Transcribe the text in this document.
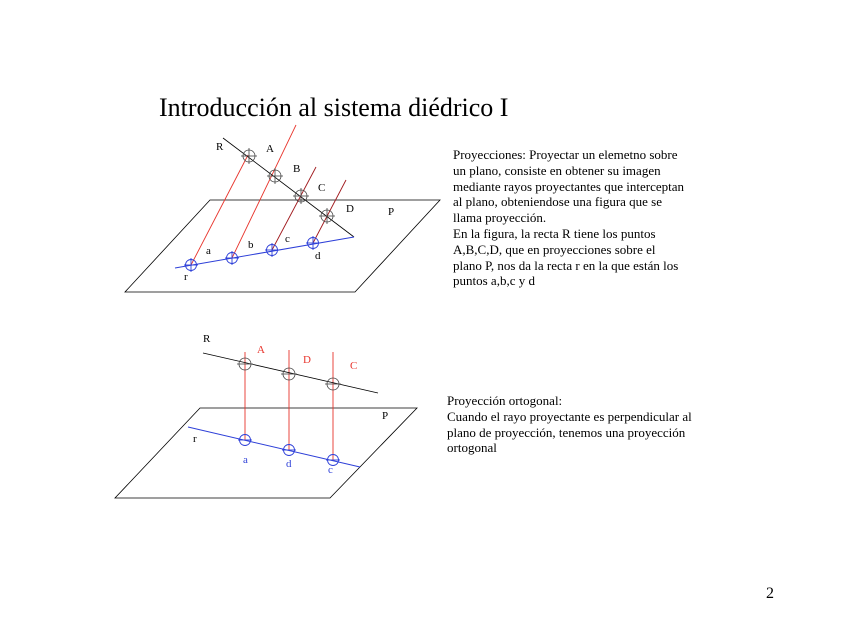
Introducción al sistema diédrico I
R	A
B
C
D	P
a	b	c
d
r
R
A
D	C
P
r
a	d	c
Proyecciones: Proyectar un elemetno sobre
un plano, consiste en obtener su imagen
mediante rayos proyectantes que interceptan
al plano, obteniendose una figura que se
llama proyección.
En la figura, la recta R tiene los puntos
A,B,C,D, que en proyecciones sobre el
plano P, nos da la recta r en la que están los
puntos a,b,c y d
Proyección ortogonal:
Cuando el rayo proyectante es perpendicular al
plano de proyección, tenemos una proyección
ortogonal
2
